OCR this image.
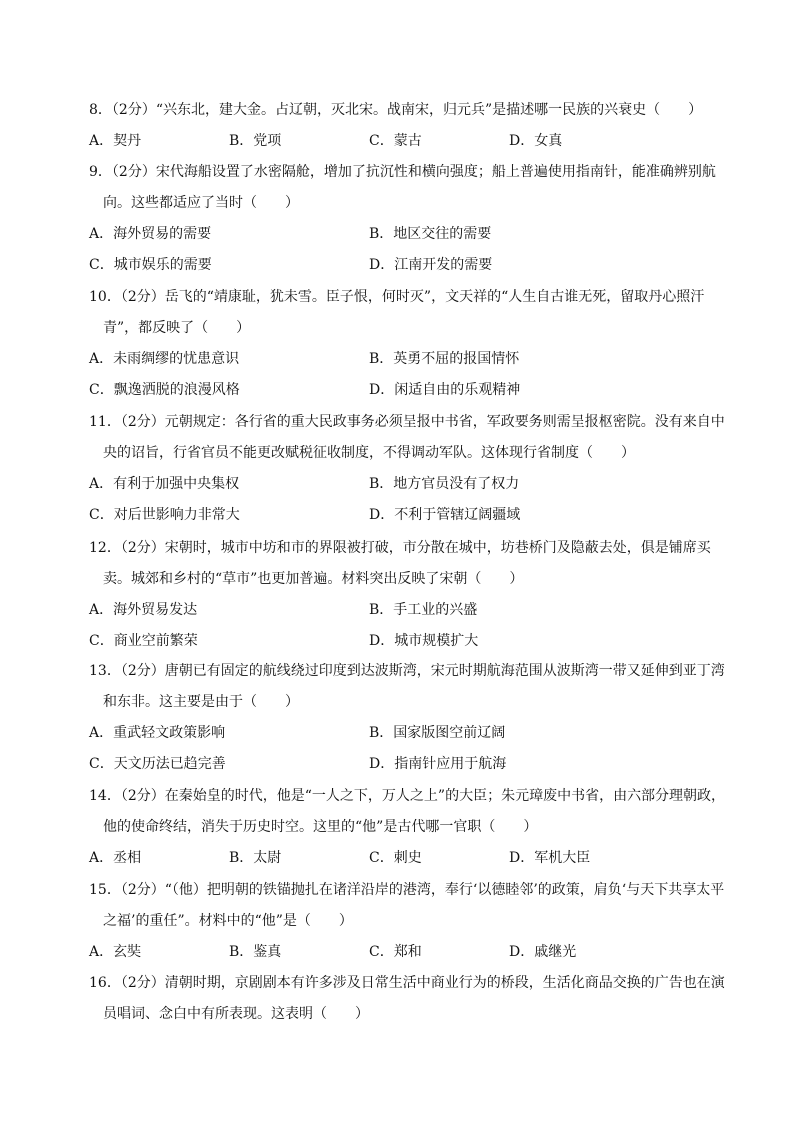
8．（2分）“兴东北，建大金。占辽朝，灭北宋。战南宋，归元兵”是描述哪一民族的兴衰史（　　）
A．契丹	B．党项	C．蒙古	D．女真
9．（2分）宋代海船设置了水密隔舱，增加了抗沉性和横向强度；船上普遍使用指南针，能准确辨别航向。这些都适应了当时（　　）
A．海外贸易的需要	B．地区交往的需要
C．城市娱乐的需要	D．江南开发的需要
10．（2分）岳飞的“靖康耻，犹未雪。臣子恨，何时灭”，文天祥的“人生自古谁无死，留取丹心照汗青”，都反映了（　　）
A．未雨绸缪的忧患意识	B．英勇不屈的报国情怀
C．飘逸洒脱的浪漫风格	D．闲适自由的乐观精神
11．（2分）元朝规定：各行省的重大民政事务必须呈报中书省，军政要务则需呈报枢密院。没有来自中央的诏旨，行省官员不能更改赋税征收制度，不得调动军队。这体现行省制度（　　）
A．有利于加强中央集权	B．地方官员没有了权力
C．对后世影响力非常大	D．不利于管辖辽阔疆域
12．（2分）宋朝时，城市中坊和市的界限被打破，市分散在城中，坊巷桥门及隐蔽去处，俱是铺席买卖。城郊和乡村的“草市”也更加普遍。材料突出反映了宋朝（　　）
A．海外贸易发达	B．手工业的兴盛
C．商业空前繁荣	D．城市规模扩大
13．（2分）唐朝已有固定的航线绕过印度到达波斯湾，宋元时期航海范围从波斯湾一带又延伸到亚丁湾和东非。这主要是由于（　　）
A．重武轻文政策影响	B．国家版图空前辽阔
C．天文历法已趋完善	D．指南针应用于航海
14．（2分）在秦始皇的时代，他是“一人之下，万人之上”的大臣；朱元璋废中书省，由六部分理朝政，他的使命终结，消失于历史时空。这里的“他”是古代哪一官职（　　）
A．丞相	B．太尉	C．刺史	D．军机大臣
15．（2分）“（他）把明朝的铁锚抛扎在诸洋沿岸的港湾，奉行‘以德睦邻’的政策，肩负‘与天下共享太平之福’的重任”。材料中的“他”是（　　）
A．玄奘	B．鉴真	C．郑和	D．戚继光
16．（2分）清朝时期，京剧剧本有许多涉及日常生活中商业行为的桥段，生活化商品交换的广告也在演员唱词、念白中有所表现。这表明（　　）
